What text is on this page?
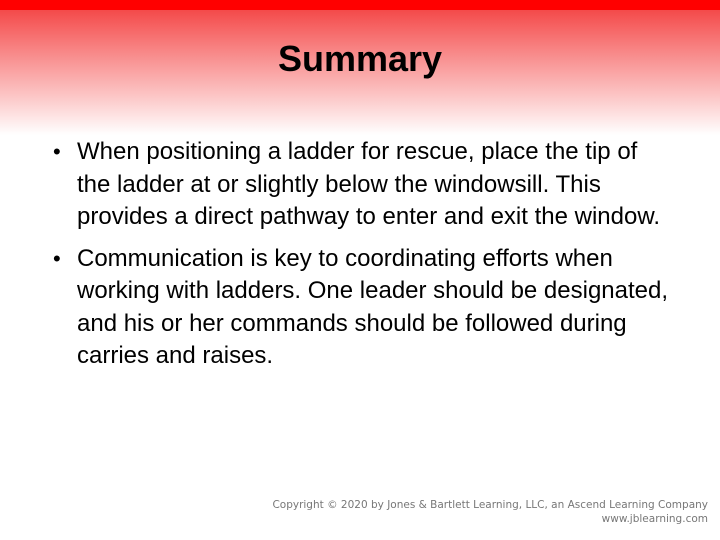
Summary
• When positioning a ladder for rescue, place the tip of the ladder at or slightly below the windowsill. This provides a direct pathway to enter and exit the window.
• Communication is key to coordinating efforts when working with ladders. One leader should be designated, and his or her commands should be followed during carries and raises.
Copyright © 2020 by Jones & Bartlett Learning, LLC, an Ascend Learning Company
www.jblearning.com
